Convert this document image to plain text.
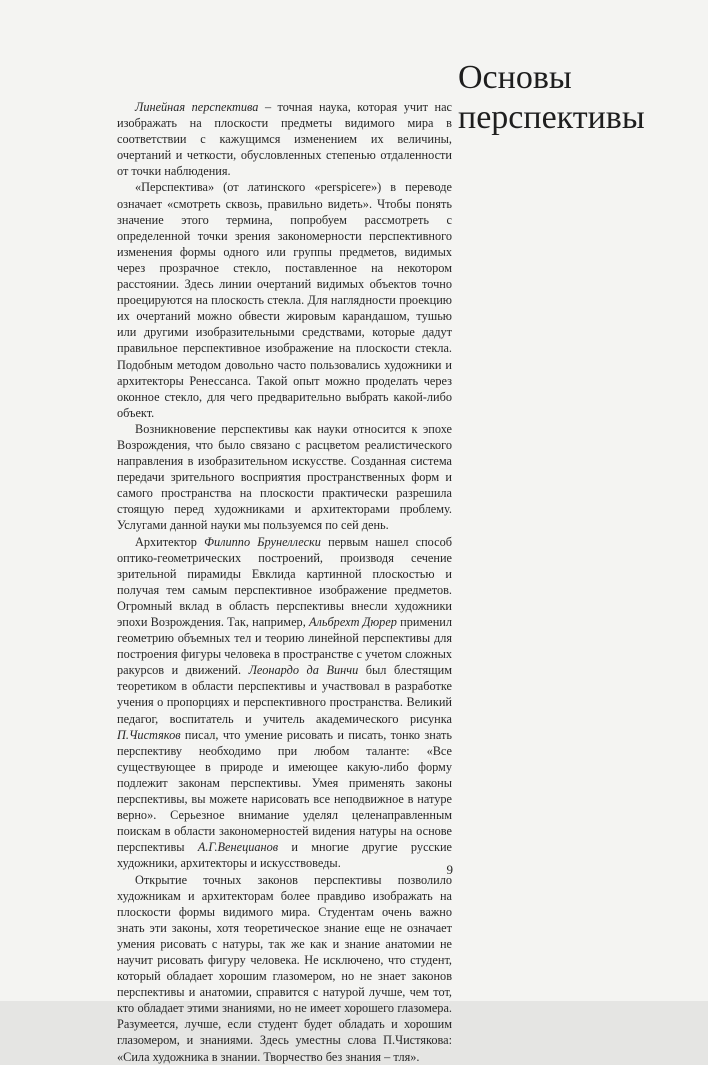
Основы
перспективы

Линейная перспектива – точная наука, которая учит нас изображать на плоскости предметы видимого мира в соответствии с кажущимся изменением их величины, очертаний и четкости, обусловленных степенью отдаленности от точки наблюдения.

«Перспектива» (от латинского «perspicere») в переводе означает «смотреть сквозь, правильно видеть». Чтобы понять значение этого термина, попробуем рассмотреть с определенной точки зрения закономерности перспективного изменения формы одного или группы предметов, видимых через прозрачное стекло, поставленное на некотором расстоянии. Здесь линии очертаний видимых объектов точно проецируются на плоскость стекла. Для наглядности проекцию их очертаний можно обвести жировым карандашом, тушью или другими изобразительными средствами, которые дадут правильное перспективное изображение на плоскости стекла. Подобным методом довольно часто пользовались художники и архитекторы Ренессанса. Такой опыт можно проделать через оконное стекло, для чего предварительно выбрать какой-либо объект.

Возникновение перспективы как науки относится к эпохе Возрождения, что было связано с расцветом реалистического направления в изобразительном искусстве. Созданная система передачи зрительного восприятия пространственных форм и самого пространства на плоскости практически разрешила стоящую перед художниками и архитекторами проблему. Услугами данной науки мы пользуемся по сей день.

Архитектор Филиппо Брунеллески первым нашел способ оптико-геометрических построений, производя сечение зрительной пирамиды Евклида картинной плоскостью и получая тем самым перспективное изображение предметов. Огромный вклад в область перспективы внесли художники эпохи Возрождения. Так, например, Альбрехт Дюрер применил геометрию объемных тел и теорию линейной перспективы для построения фигуры человека в пространстве с учетом сложных ракурсов и движений. Леонардо да Винчи был блестящим теоретиком в области перспективы и участвовал в разработке учения о пропорциях и перспективного пространства. Великий педагог, воспитатель и учитель академического рисунка П.Чистяков писал, что умение рисовать и писать, тонко знать перспективу необходимо при любом таланте: «Все существующее в природе и имеющее какую-либо форму подлежит законам перспективы. Умея применять законы перспективы, вы можете нарисовать все неподвижное в натуре верно». Серьезное внимание уделял целенаправленным поискам в области закономерностей видения натуры на основе перспективы А.Г.Венецианов и многие другие русские художники, архитекторы и искусствоведы.

Открытие точных законов перспективы позволило художникам и архитекторам более правдиво изображать на плоскости формы видимого мира. Студентам очень важно знать эти законы, хотя теоретическое знание еще не означает умения рисовать с натуры, так же как и знание анатомии не научит рисовать фигуру человека. Не исключено, что студент, который обладает хорошим глазомером, но не знает законов перспективы и анатомии, справится с натурой лучше, чем тот, кто обладает этими знаниями, но не имеет хорошего глазомера. Разумеется, лучше, если студент будет обладать и хорошим глазомером, и знаниями. Здесь уместны слова П.Чистякова: «Сила художника в знании. Творчество без знания – тля».

9
